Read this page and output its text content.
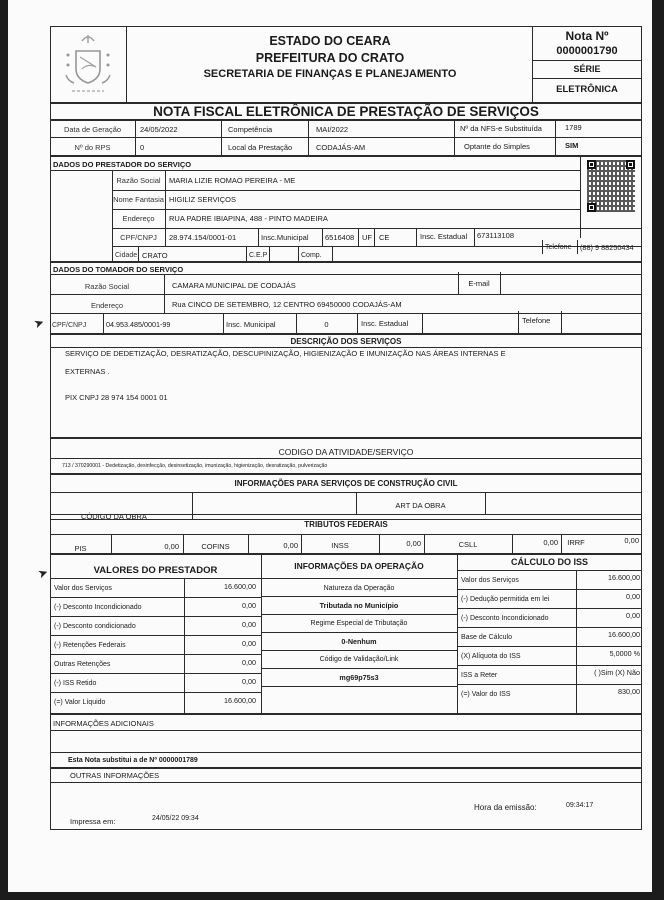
ESTADO DO CEARA
PREFEITURA DO CRATO
SECRETARIA DE FINANÇAS E PLANEJAMENTO
Nota Nº
0000001790
SÉRIE
ELETRÔNICA
NOTA FISCAL ELETRÔNICA DE PRESTAÇÃO DE SERVIÇOS
Data de Geração	24/05/2022	Competência	MAI/2022	Nº da NFS-e Substituída	1789
Nº do RPS	0	Local da Prestação	CODAJÁS-AM	Optante do Simples	SIM
DADOS DO PRESTADOR DO SERVIÇO
Razão Social	MARIA LIZIE ROMAO PEREIRA - ME
Nome Fantasia HIGILIZ SERVIÇOS
Endereço	RUA PADRE IBIAPINA, 488 - PINTO MADEIRA
CPF/CNPJ	28.974.154/0001-01	Insc.Municipal 6516408 UF CE	Insc. Estadual 673113108
Cidade CRATO	C.E.P	Comp.
Telefone (88) 9 88250434
DADOS DO TOMADOR DO SERVIÇO
Razão Social	CAMARA MUNICIPAL DE CODAJÁS	E-mail
Endereço	Rua CINCO DE SETEMBRO, 12 CENTRO 69450000 CODAJÁS-AM
CPF/CNPJ	04.953.485/0001-99	Insc. Municipal	0	Insc. Estadual	Telefone
DESCRIÇÃO DOS SERVIÇOS
SERVIÇO DE DEDETIZAÇÃO, DESRATIZAÇÃO, DESCUPINIZAÇÃO, HIGIENIZAÇÃO E IMUNIZAÇÃO NAS ÁREAS INTERNAS E
EXTERNAS .
PIX CNPJ 28 974 154 0001 01
CODIGO DA ATIVIDADE/SERVIÇO
713 / 370290001 - Dedetização, desinfecção, desinsetização, imunização, higienização, desratização, pulverização
INFORMAÇÕES PARA SERVIÇOS DE CONSTRUÇÃO CIVIL
CÓDIGO DA OBRA
ART DA OBRA
TRIBUTOS FEDERAIS
PIS	0,00	COFINS	0,00	INSS	0,00	CSLL	0,00	IRRF	0,00
VALORES DO PRESTADOR	INFORMAÇÕES DA OPERAÇÃO	CÁLCULO DO ISS
Natureza da Operação
Tributada no Município
Regime Especial de Tributação
0-Nenhum
Código de Validação/Link
mg69p75s3
INFORMAÇÕES ADICIONAIS
Esta Nota substitui a de Nº 0000001789
OUTRAS INFORMAÇÕES
Impressa em:	24/05/22 09:34
Hora da emissão:	09:34:17
➤
➤
Valor dos Serviços	16.600,00
(-) Desconto Incondicionado	0,00
(-) Desconto condicionado	0,00
(-) Retenções Federais	0,00
Outras Retenções	0,00
(-) ISS Retido	0,00
(=) Valor Líquido	16.600,00
Valor dos Serviços	16.600,00
(-) Dedução permitida em lei	0,00
(-) Desconto Incondicionado	0,00
Base de Cálculo	16.600,00
(X) Alíquota do ISS	5,0000 %
ISS a Reter	( )Sim (X) Não
(=) Valor do ISS	830,00
